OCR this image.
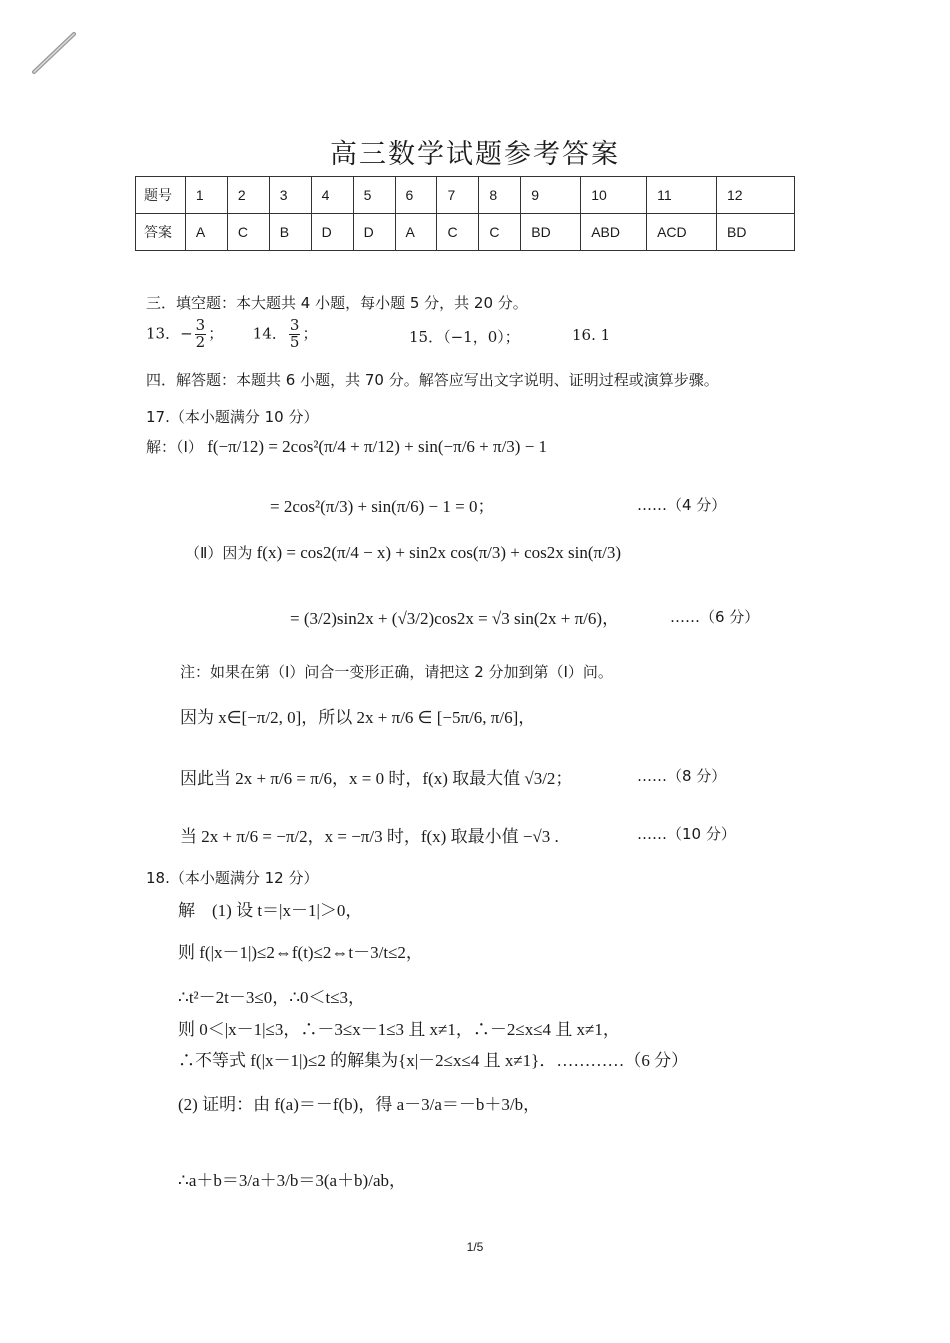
高三数学试题参考答案
题号	1	2	3	4	5	6	7	8	9	10	11	12
答案	A	C	B	D	D	A	C	C	BD	ABD	ACD	BD
三．填空题：本大题共 4 小题，每小题 5 分，共 20 分。
13．− $\frac{3}{2}$ ； 14． $\frac{3}{5}$ ；	15．（−1，0）；	16. 1
四．解答题：本题共 6 小题，共 70 分。解答应写出文字说明、证明过程或演算步骤。
17.（本小题满分 10 分）
解：（Ⅰ） f(−π/12) = 2cos²(π/4 + π/12) + sin(−π/6 + π/3) − 1
= 2cos²(π/3) + sin(π/6) − 1 = 0；	……（4 分）
（Ⅱ）因为 f(x) = cos2(π/4 − x) + sin2x cos(π/3) + cos2x sin(π/3)
= (3/2)sin2x + (√3/2)cos2x = √3 sin(2x + π/6)，	……（6 分）
注：如果在第（Ⅰ）问合一变形正确，请把这 2 分加到第（Ⅰ）问。
因为 x∈[−π/2, 0]，所以 2x + π/6 ∈ [−5π/6, π/6]，
因此当 2x + π/6 = π/6，x = 0 时，f(x) 取最大值 √3/2；	……（8 分）
当 2x + π/6 = −π/2，x = −π/3 时，f(x) 取最小值 −√3 .	……（10 分）
18.（本小题满分 12 分）
解　(1) 设 t＝|x－1|＞0，
则 f(|x－1|)≤2⇔f(t)≤2⇔t－3/t≤2，
∴t²－2t－3≤0，∴0＜t≤3，
则 0＜|x－1|≤3，∴－3≤x－1≤3 且 x≠1，∴－2≤x≤4 且 x≠1，
∴不等式 f(|x－1|)≤2 的解集为{x|－2≤x≤4 且 x≠1}．…………（6 分）
(2) 证明：由 f(a)＝－f(b)，得 a－3/a＝－b＋3/b，
∴a＋b＝3/a＋3/b＝3(a＋b)/ab，
1/5
